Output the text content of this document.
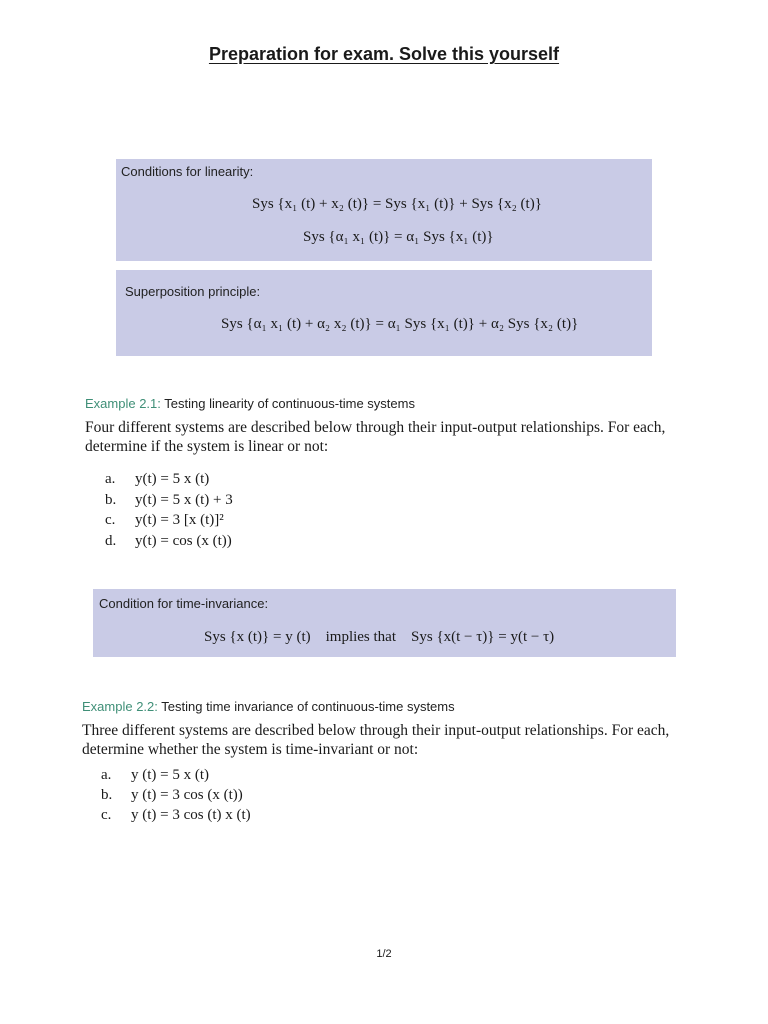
Preparation for exam. Solve this yourself
Conditions for linearity:
Sys {x₁ (t) + x₂ (t)} = Sys {x₁ (t)} + Sys {x₂ (t)}
Sys {α₁ x₁ (t)} = α₁ Sys {x₁ (t)}
Superposition principle:
Sys {α₁ x₁ (t) + α₂ x₂ (t)} = α₁ Sys {x₁ (t)} + α₂ Sys {x₂ (t)}
Example 2.1: Testing linearity of continuous-time systems
Four different systems are described below through their input-output relationships. For each, determine if the system is linear or not:
a. y(t) = 5 x (t)
b. y(t) = 5 x (t) + 3
c. y(t) = 3 [x (t)]²
d. y(t) = cos (x (t))
Condition for time-invariance:
Sys {x (t)} = y (t)    implies that    Sys {x(t − τ)} = y(t − τ)
Example 2.2: Testing time invariance of continuous-time systems
Three different systems are described below through their input-output relationships. For each, determine whether the system is time-invariant or not:
a. y (t) = 5 x (t)
b. y (t) = 3 cos (x (t))
c. y (t) = 3 cos (t) x (t)
1/2
